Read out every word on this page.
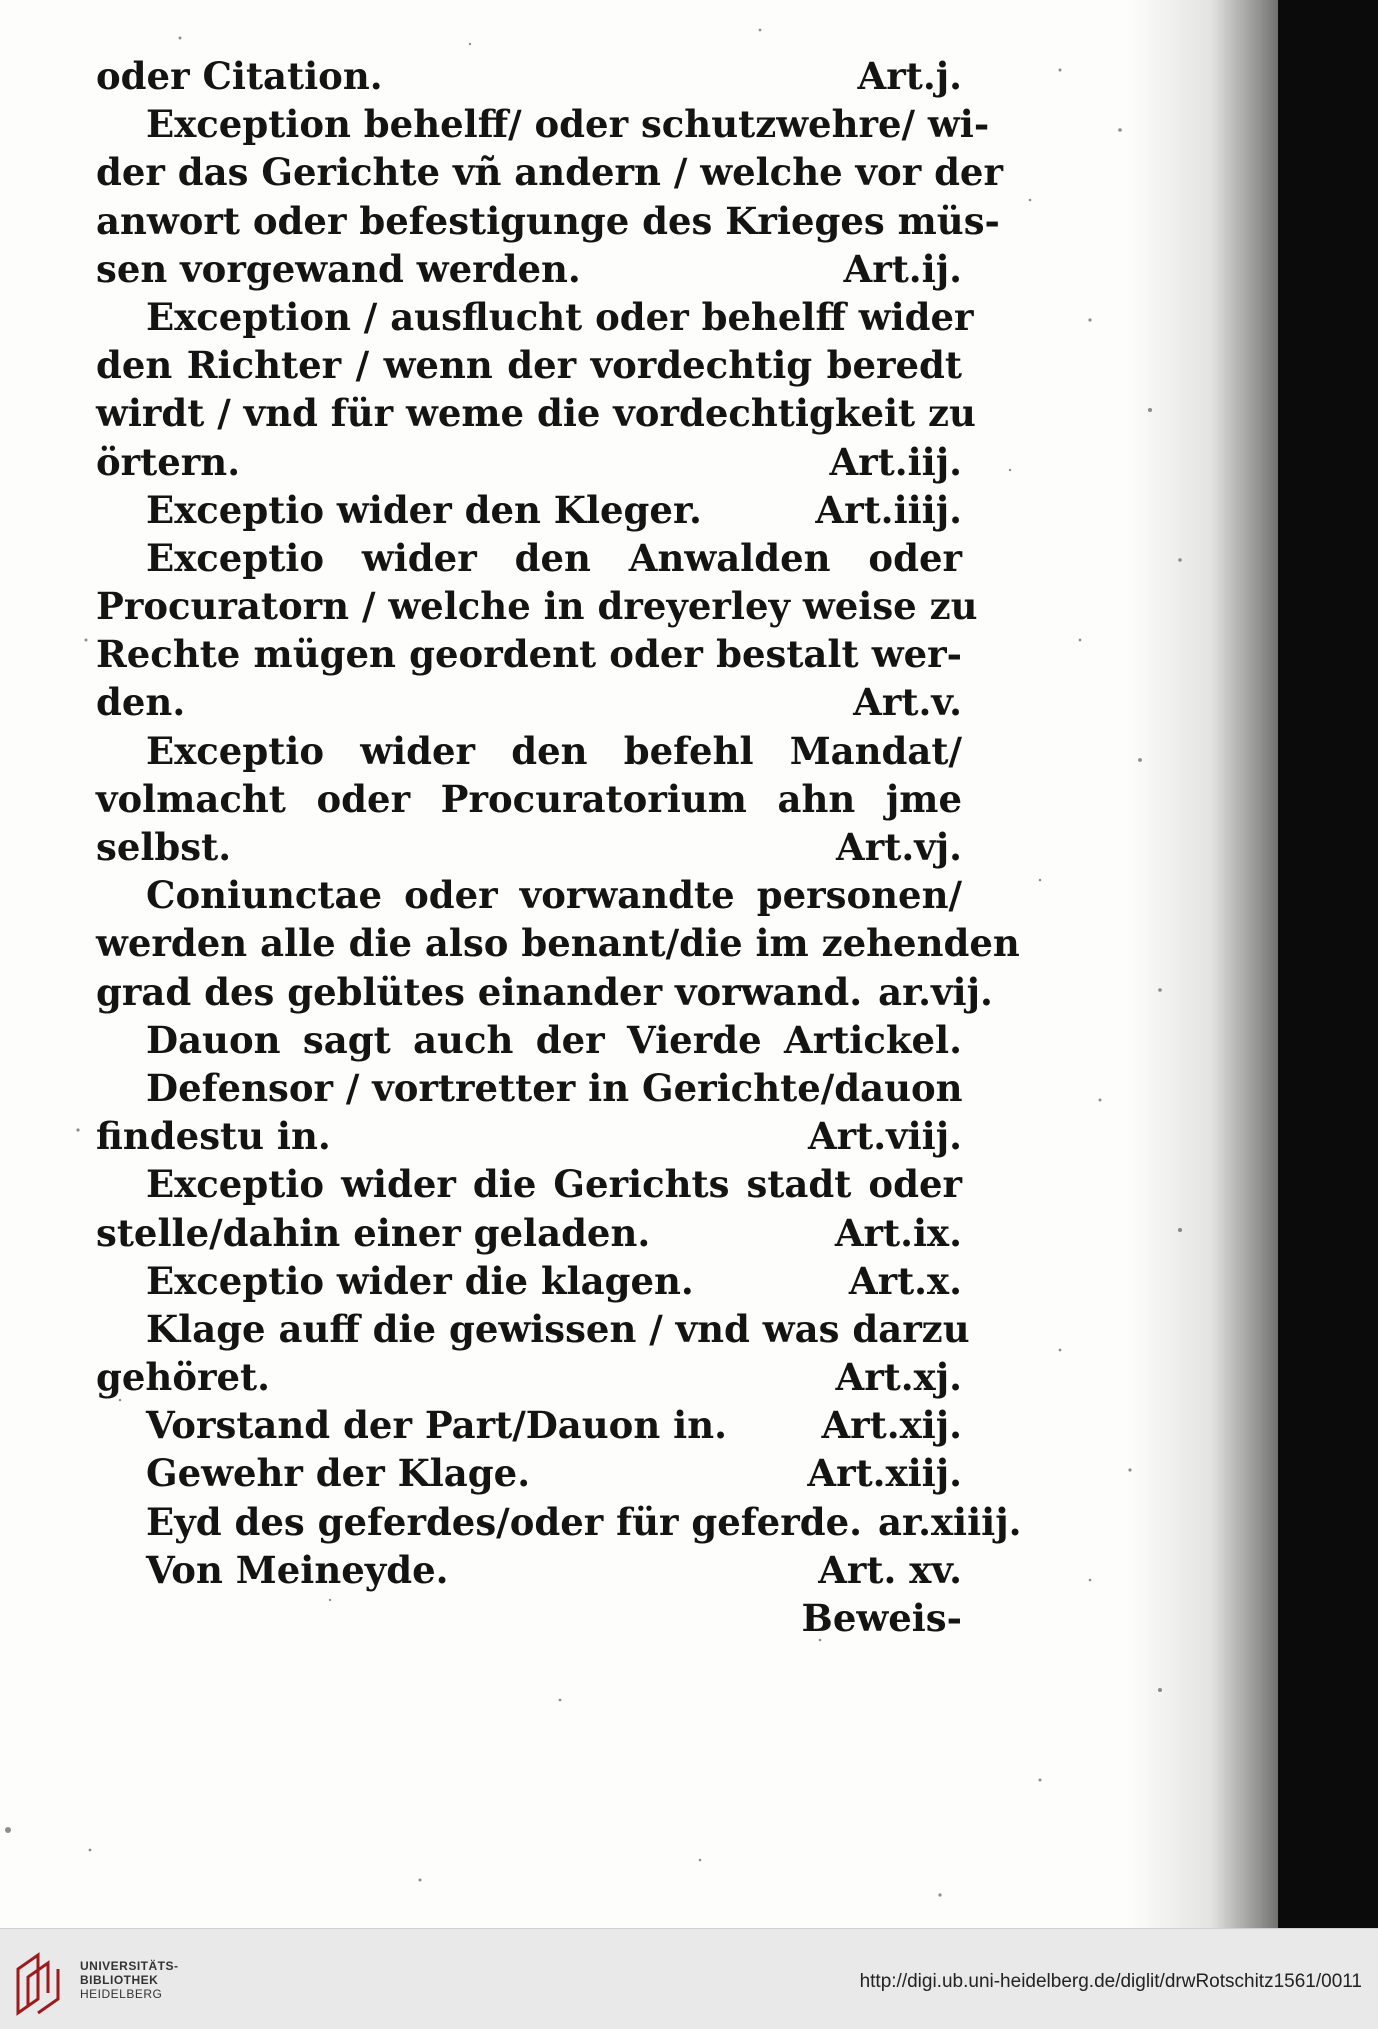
oder Citation.	Art.j.
Exception behelff/ oder schutzwehre/ wi-
der das Gerichte vñ andern / welche vor der
anwort oder befestigunge des Krieges müs-
sen vorgewand werden.	Art.ij.
Exception / ausflucht oder behelff wider
den Richter / wenn der vordechtig beredt
wirdt / vnd für weme die vordechtigkeit zu
örtern.	Art.iij.
Exceptio wider den Kleger.	Art.iiij.
Exceptio wider den Anwalden oder
Procuratorn / welche in dreyerley weise zu
Rechte mügen geordent oder bestalt wer-
den.	Art.v.
Exceptio wider den befehl Mandat/
volmacht oder Procuratorium ahn jme
selbst.	Art.vj.
Coniunctae oder vorwandte personen/
werden alle die also benant/die im zehenden
grad des geblütes einander vorwand. ar.vij.
Dauon sagt auch der Vierde Artickel.
Defensor / vortretter in Gerichte/dauon
findestu in.	Art.viij.
Exceptio wider die Gerichts stadt oder
stelle/dahin einer geladen.	Art.ix.
Exceptio wider die klagen.	Art.x.
Klage auff die gewissen / vnd was darzu
gehöret.	Art.xj.
Vorstand der Part/Dauon in.	Art.xij.
Gewehr der Klage.	Art.xiij.
Eyd des geferdes/oder für geferde. ar.xiiij.
Von Meineyde.	Art. xv.
Beweis-
UNIVERSITÄTS-
BIBLIOTHEK
HEIDELBERG
http://digi.ub.uni-heidelberg.de/diglit/drwRotschitz1561/0011
